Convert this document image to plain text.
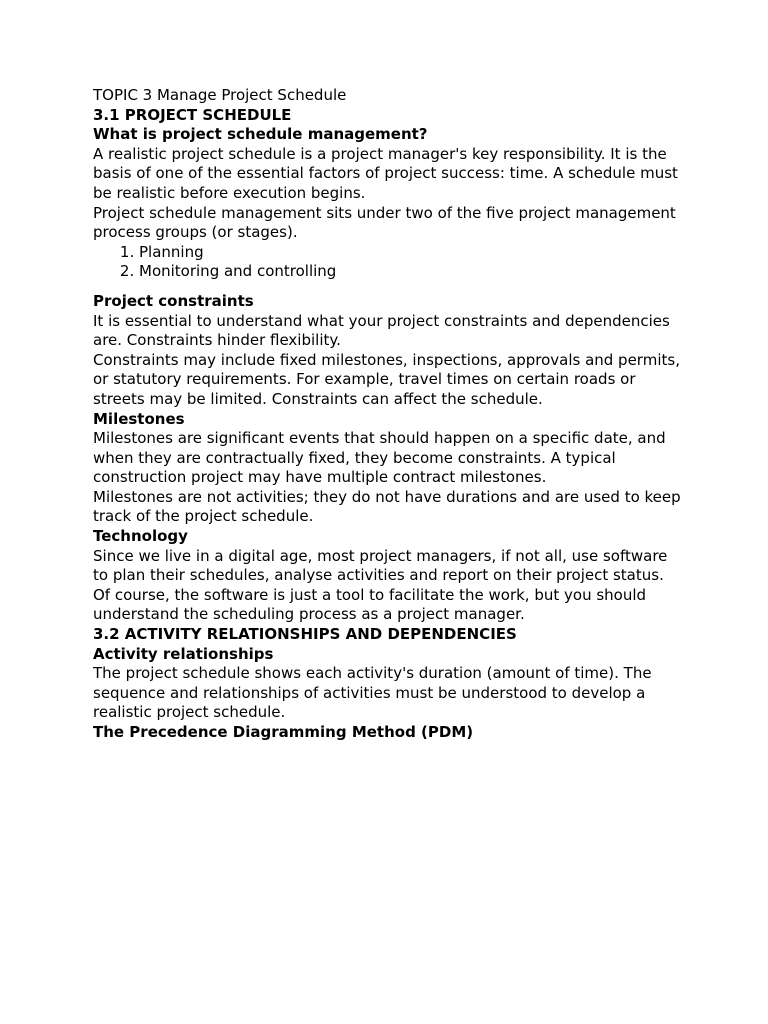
TOPIC 3 Manage Project Schedule
3.1 PROJECT SCHEDULE
What is project schedule management?

A realistic project schedule is a project manager's key responsibility. It is the basis of one of the essential factors of project success: time. A schedule must be realistic before execution begins.

Project schedule management sits under two of the five project management process groups (or stages).

1. Planning
2. Monitoring and controlling
Project constraints

It is essential to understand what your project constraints and dependencies are. Constraints hinder flexibility.

Constraints may include fixed milestones, inspections, approvals and permits, or statutory requirements. For example, travel times on certain roads or streets may be limited. Constraints can affect the schedule.

Milestones

Milestones are significant events that should happen on a specific date, and when they are contractually fixed, they become constraints. A typical construction project may have multiple contract milestones.

Milestones are not activities; they do not have durations and are used to keep track of the project schedule.

Technology

Since we live in a digital age, most project managers, if not all, use software to plan their schedules, analyse activities and report on their project status.

Of course, the software is just a tool to facilitate the work, but you should understand the scheduling process as a project manager.

3.2 ACTIVITY RELATIONSHIPS AND DEPENDENCIES
Activity relationships

The project schedule shows each activity's duration (amount of time). The sequence and relationships of activities must be understood to develop a realistic project schedule.

The Precedence Diagramming Method (PDM)
